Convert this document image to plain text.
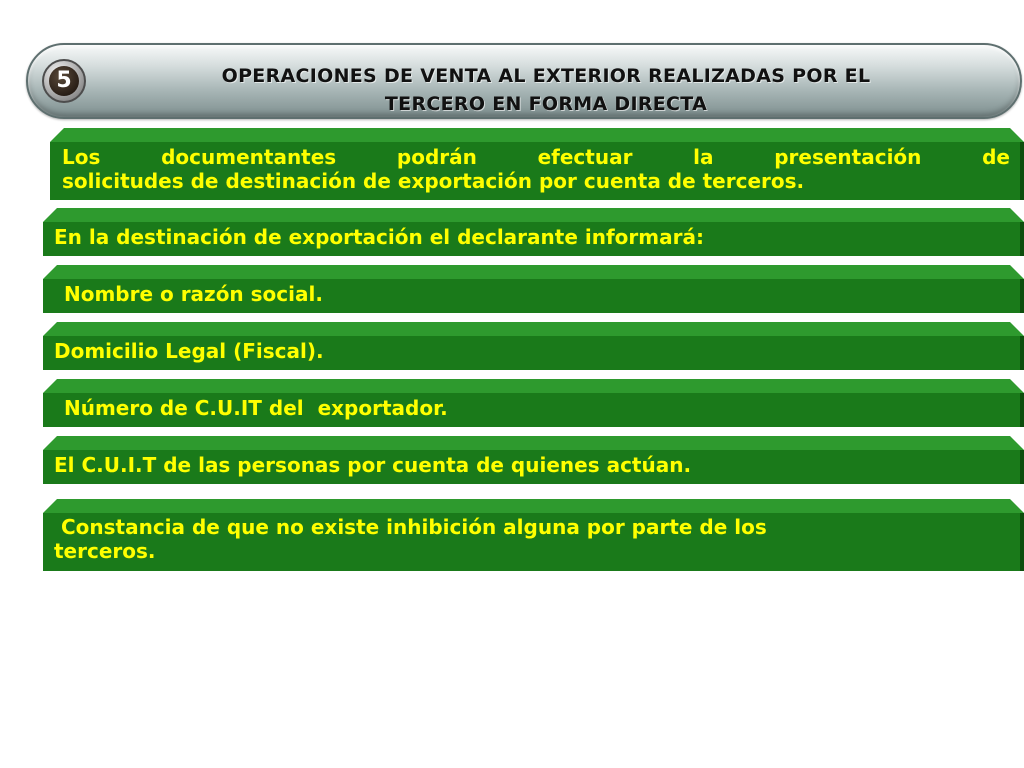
5	OPERACIONES DE VENTA AL EXTERIOR REALIZADAS POR EL
TERCERO EN FORMA DIRECTA
Los documentantes podrán efectuar la presentación de
solicitudes de destinación de exportación por cuenta de terceros.
En la destinación de exportación el declarante informará:
Nombre o razón social.
Domicilio Legal (Fiscal).
Número de C.U.IT del  exportador.
El C.U.I.T de las personas por cuenta de quienes actúan.
Constancia de que no existe inhibición alguna por parte de los
terceros.
